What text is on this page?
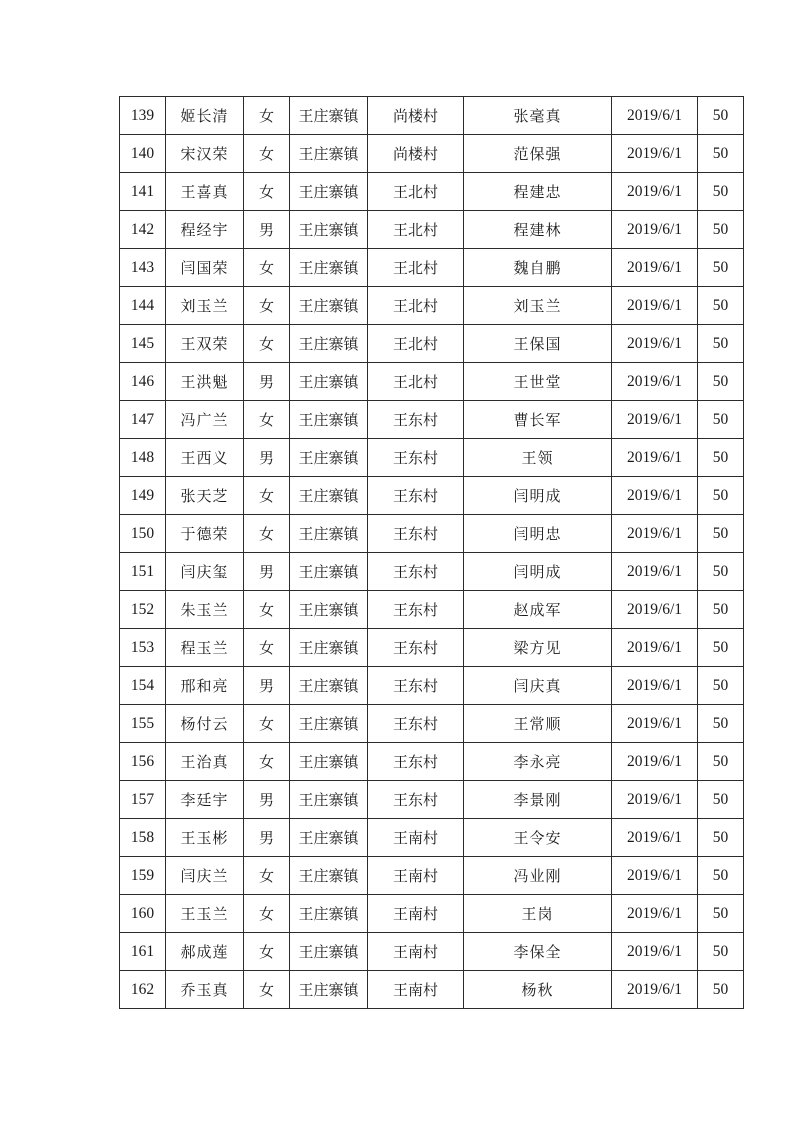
139	姬长清	女	王庄寨镇	尚楼村	张毫真	2019/6/1	50
140	宋汉荣	女	王庄寨镇	尚楼村	范保强	2019/6/1	50
141	王喜真	女	王庄寨镇	王北村	程建忠	2019/6/1	50
142	程经宇	男	王庄寨镇	王北村	程建林	2019/6/1	50
143	闫国荣	女	王庄寨镇	王北村	魏自鹏	2019/6/1	50
144	刘玉兰	女	王庄寨镇	王北村	刘玉兰	2019/6/1	50
145	王双荣	女	王庄寨镇	王北村	王保国	2019/6/1	50
146	王洪魁	男	王庄寨镇	王北村	王世堂	2019/6/1	50
147	冯广兰	女	王庄寨镇	王东村	曹长军	2019/6/1	50
148	王西义	男	王庄寨镇	王东村	王领	2019/6/1	50
149	张天芝	女	王庄寨镇	王东村	闫明成	2019/6/1	50
150	于德荣	女	王庄寨镇	王东村	闫明忠	2019/6/1	50
151	闫庆玺	男	王庄寨镇	王东村	闫明成	2019/6/1	50
152	朱玉兰	女	王庄寨镇	王东村	赵成军	2019/6/1	50
153	程玉兰	女	王庄寨镇	王东村	梁方见	2019/6/1	50
154	邢和亮	男	王庄寨镇	王东村	闫庆真	2019/6/1	50
155	杨付云	女	王庄寨镇	王东村	王常顺	2019/6/1	50
156	王治真	女	王庄寨镇	王东村	李永亮	2019/6/1	50
157	李廷宇	男	王庄寨镇	王东村	李景刚	2019/6/1	50
158	王玉彬	男	王庄寨镇	王南村	王令安	2019/6/1	50
159	闫庆兰	女	王庄寨镇	王南村	冯业刚	2019/6/1	50
160	王玉兰	女	王庄寨镇	王南村	王岗	2019/6/1	50
161	郝成莲	女	王庄寨镇	王南村	李保全	2019/6/1	50
162	乔玉真	女	王庄寨镇	王南村	杨秋	2019/6/1	50
